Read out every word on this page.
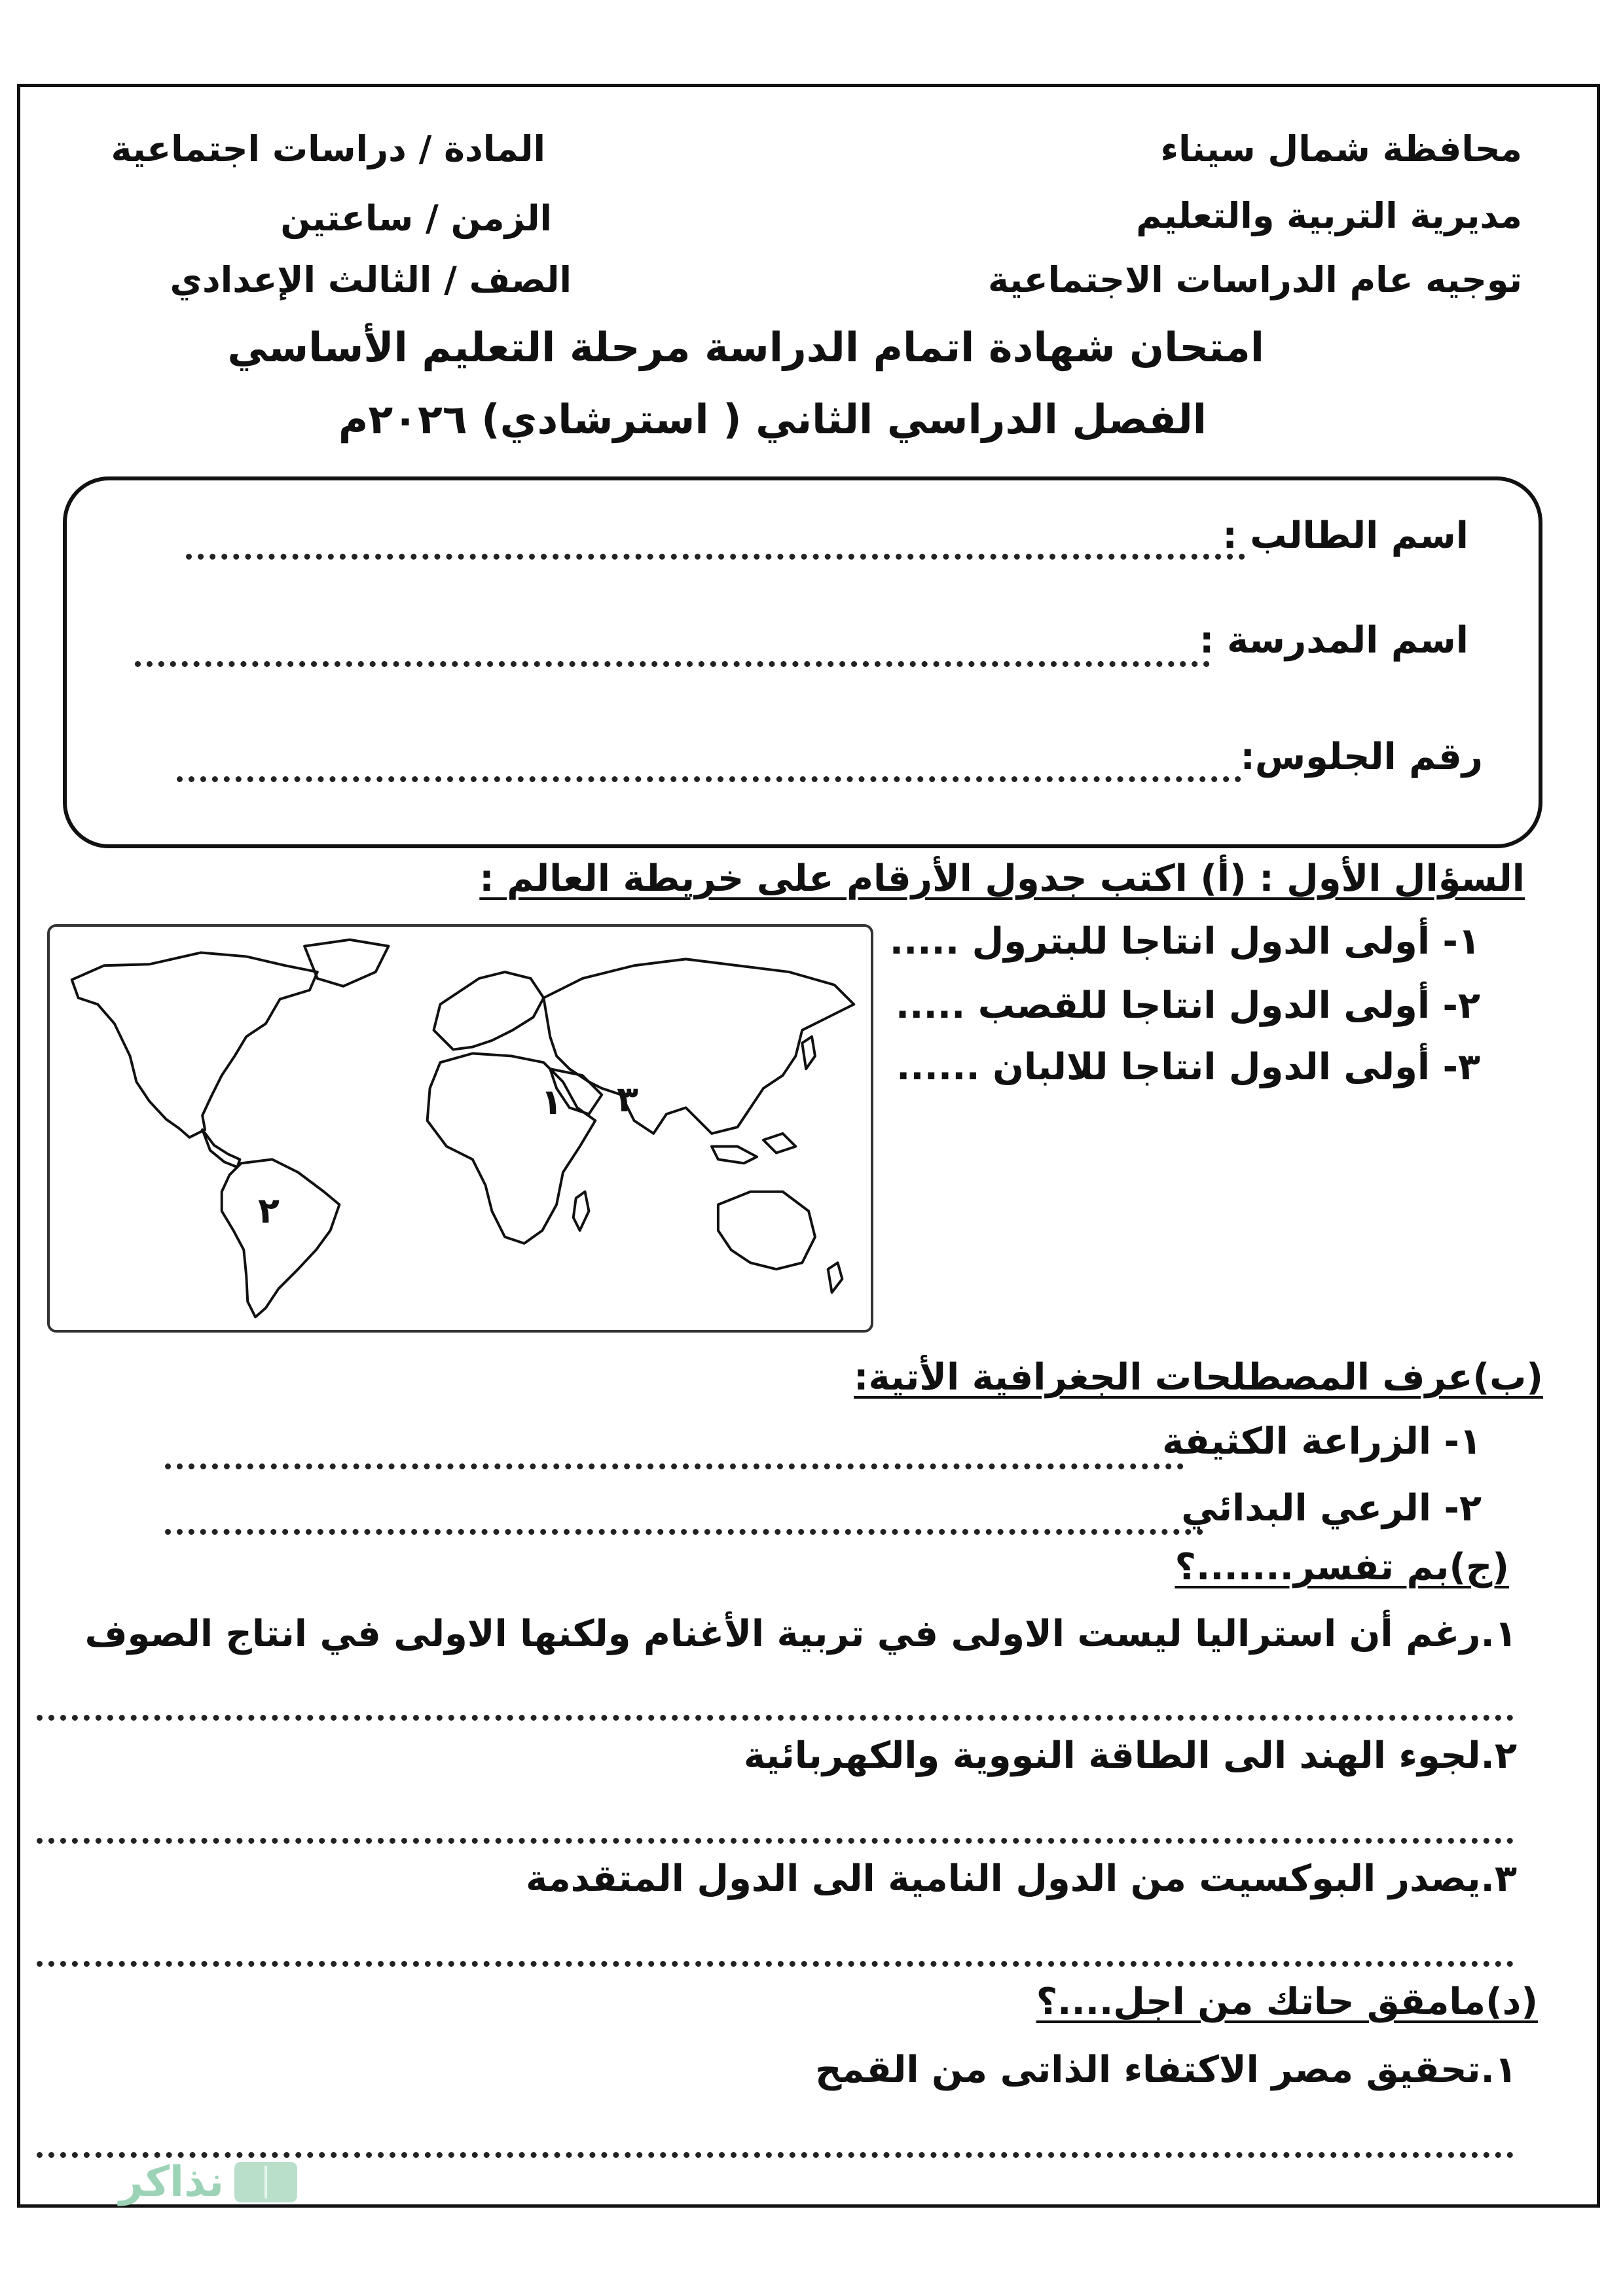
محافظة شمال سيناء
مديرية التربية والتعليم
توجيه عام الدراسات الاجتماعية
المادة / دراسات اجتماعية
الزمن / ساعتين
الصف / الثالث الإعدادي
امتحان شهادة اتمام الدراسة مرحلة التعليم الأساسي
الفصل الدراسي الثاني ( استرشادي) ٢٠٢٦م
اسم الطالب :
اسم المدرسة :
رقم الجلوس:
السؤال الأول : (أ) اكتب جدول الأرقام على خريطة العالم :
١
٢
٣
١- أولى الدول انتاجا للبترول .....
٢- أولى الدول انتاجا للقصب .....
٣- أولى الدول انتاجا للالبان ......
(ب)عرف المصطلحات الجغرافية الأتية:
١- الزراعة الكثيفة
٢- الرعي البدائي
(ج)بم تفسر.......؟
١.رغم أن استراليا ليست الاولى في تربية الأغنام ولكنها الاولى في انتاج الصوف
٢.لجوء الهند الى الطاقة النووية والكهربائية
٣.يصدر البوكسيت من الدول النامية الى الدول المتقدمة
(د)مامقق حاتك من اجل....؟
١.تحقيق مصر الاكتفاء الذاتى من القمح
نذاكر
